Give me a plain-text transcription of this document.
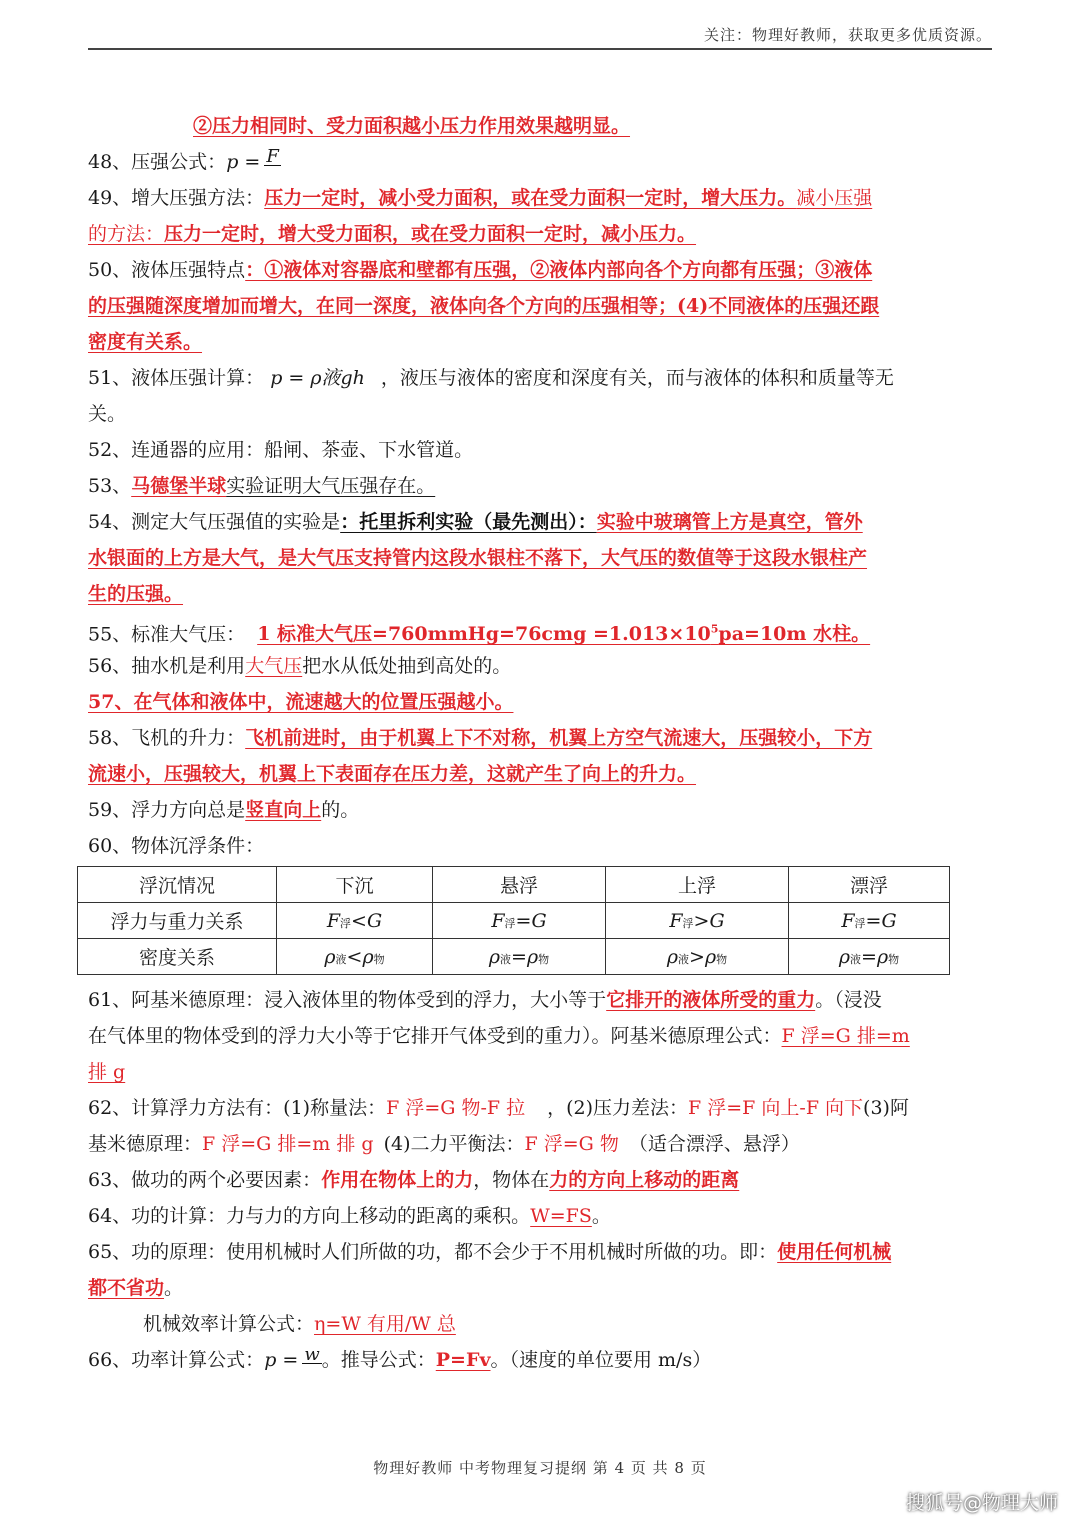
关注：物理好教师，获取更多优质资源。
②压力相同时、受力面积越小压力作用效果越明显。
48、压强公式：p = F
49、增大压强方法：压力一定时，减小受力面积，或在受力面积一定时，增大压力。减小压强
的方法：压力一定时，增大受力面积，或在受力面积一定时，减小压力。
50、液体压强特点：①液体对容器底和壁都有压强，②液体内部向各个方向都有压强；③液体
的压强随深度增加而增大，在同一深度，液体向各个方向的压强相等；(4)不同液体的压强还跟
密度有关系。
51、液体压强计算： p = ρ液gh ，液压与液体的密度和深度有关，而与液体的体积和质量等无
关。
52、连通器的应用：船闸、茶壶、下水管道。
53、马德堡半球实验证明大气压强存在。
54、测定大气压强值的实验是：托里拆利实验（最先测出）：实验中玻璃管上方是真空，管外
水银面的上方是大气，是大气压支持管内这段水银柱不落下，大气压的数值等于这段水银柱产
生的压强。
55、标准大气压： 1 标准大气压=760mmHg=76cmg $=1.013\times 10^5pa=10m$ 水柱。
56、抽水机是利用大气压把水从低处抽到高处的。
57、在气体和液体中，流速越大的位置压强越小。
58、飞机的升力：飞机前进时，由于机翼上下不对称，机翼上方空气流速大，压强较小，下方
流速小，压强较大，机翼上下表面存在压力差，这就产生了向上的升力。
59、浮力方向总是竖直向上的。
60、物体沉浮条件：
浮沉情况	下沉	悬浮	上浮	漂浮
浮力与重力关系	F浮<G	F浮=G	F浮>G	F浮=G
密度关系	ρ液<ρ物	ρ液=ρ物	ρ液>ρ物	ρ液=ρ物
61、阿基米德原理：浸入液体里的物体受到的浮力，大小等于它排开的液体所受的重力。（浸没
在气体里的物体受到的浮力大小等于它排开气体受到的重力）。阿基米德原理公式：F 浮=G 排=m
排 g
62、计算浮力方法有：(1)称量法：F 浮=G 物-F 拉 ，(2)压力差法：F 浮=F 向上-F 向下(3)阿
基米德原理：F 浮=G 排=m 排 g (4)二力平衡法：F 浮=G 物 （适合漂浮、悬浮）
63、做功的两个必要因素：作用在物体上的力，物体在力的方向上移动的距离
64、功的计算：力与力的方向上移动的距离的乘积。W=FS。
65、功的原理：使用机械时人们所做的功，都不会少于不用机械时所做的功。即：使用任何机械
都不省功。
机械效率计算公式：η=W 有用/W 总
66、功率计算公式：p = w 。推导公式：P=Fv。（速度的单位要用 m/s）
物理好教师 中考物理复习提纲 第 4 页 共 8 页
搜狐号@物理大师
